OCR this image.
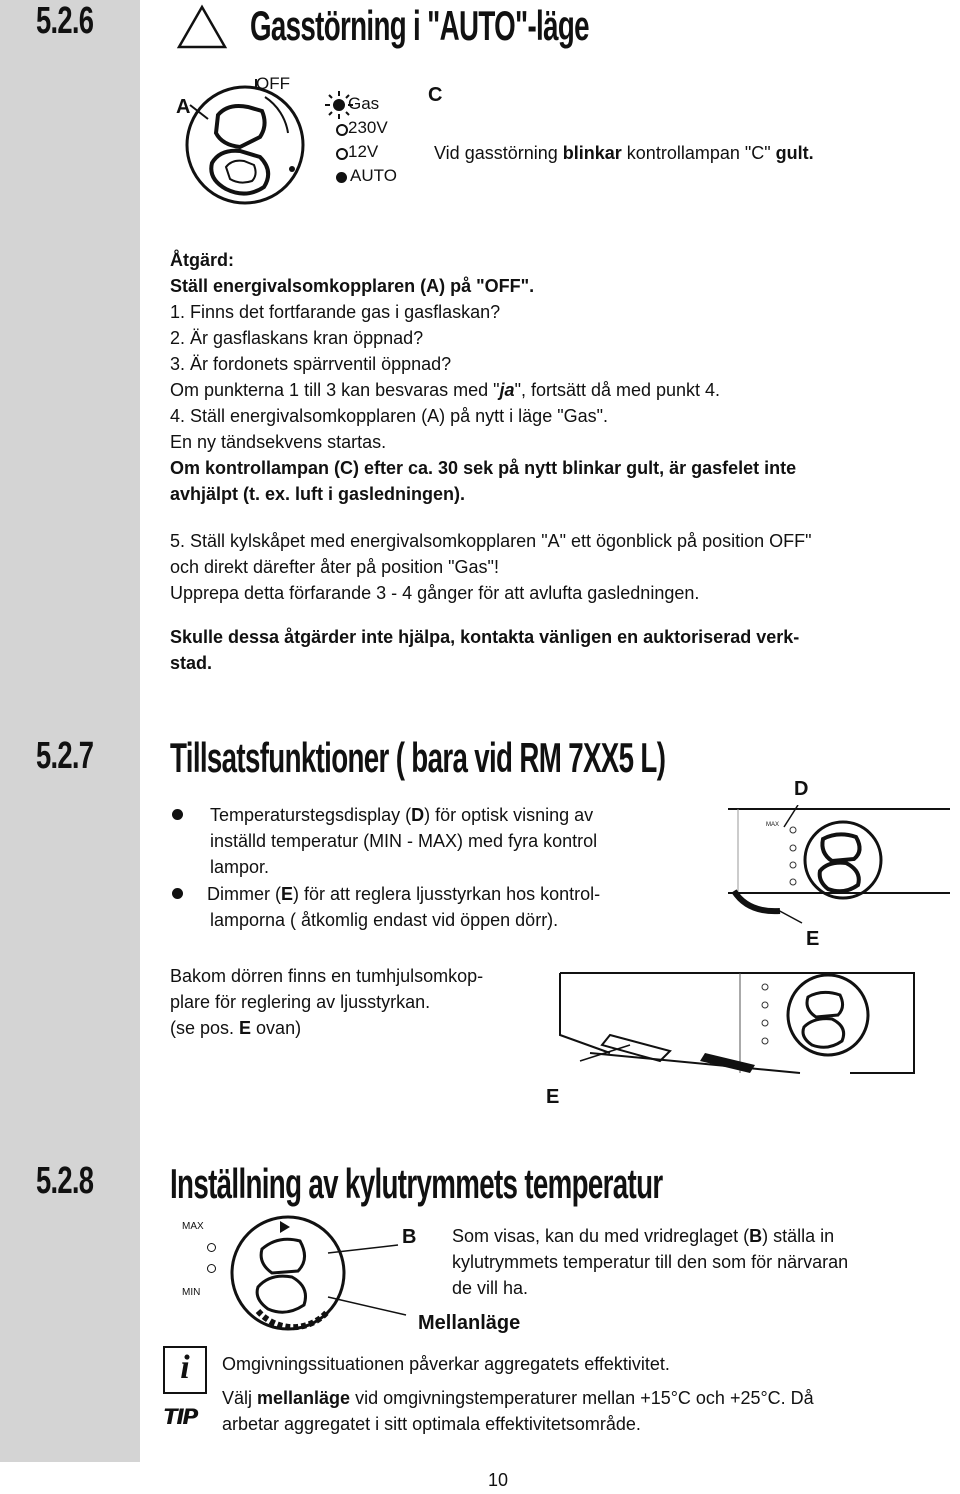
5.2.6	Gasstörning i "AUTO"-läge
A
OFF
Gas
230V
12V
AUTO
C
Vid gasstörning blinkar kontrollampan "C" gult.
Åtgärd:
Ställ energivalsomkopplaren (A) på "OFF".
1. Finns det fortfarande gas i gasflaskan?
2. Är gasflaskans kran öppnad?
3. Är fordonets spärrventil öppnad?
Om punkterna 1 till 3 kan besvaras med "ja", fortsätt då med punkt 4.
4. Ställ energivalsomkopplaren (A) på nytt i läge "Gas".
En ny tändsekvens startas.
Om kontrollampan (C) efter ca. 30 sek på nytt blinkar gult, är gasfelet inte
avhjälpt (t. ex. luft i gasledningen).
5. Ställ kylskåpet med energivalsomkopplaren "A" ett ögonblick på position OFF"
och direkt därefter åter på position "Gas"!
Upprepa detta förfarande 3 - 4 gånger för att avlufta gasledningen.
Skulle dessa åtgärder inte hjälpa, kontakta vänligen en auktoriserad verk-
stad.
5.2.7	Tillsatsfunktioner ( bara vid RM 7XX5 L)
Temperaturstegsdisplay (D) för optisk visning av
inställd temperatur (MIN - MAX) med fyra kontrol
lampor.
Dimmer (E) för att reglera ljusstyrkan hos kontrol-
lamporna ( åtkomlig endast vid öppen dörr).
MAX
D
E
Bakom dörren finns en tumhjulsomkop-
plare för reglering av ljusstyrkan.
(se pos. E ovan)
E
5.2.8	Inställning av kylutrymmets temperatur
MAX
MIN
B
Mellanläge
Som visas, kan du med vridreglaget (B) ställa in
kylutrymmets temperatur till den som för närvaran
de vill ha.
i
TIP
Omgivningssituationen påverkar aggregatets effektivitet.
Välj mellanläge vid omgivningstemperaturer mellan +15°C och +25°C. Då
arbetar aggregatet i sitt optimala effektivitetsområde.
10
